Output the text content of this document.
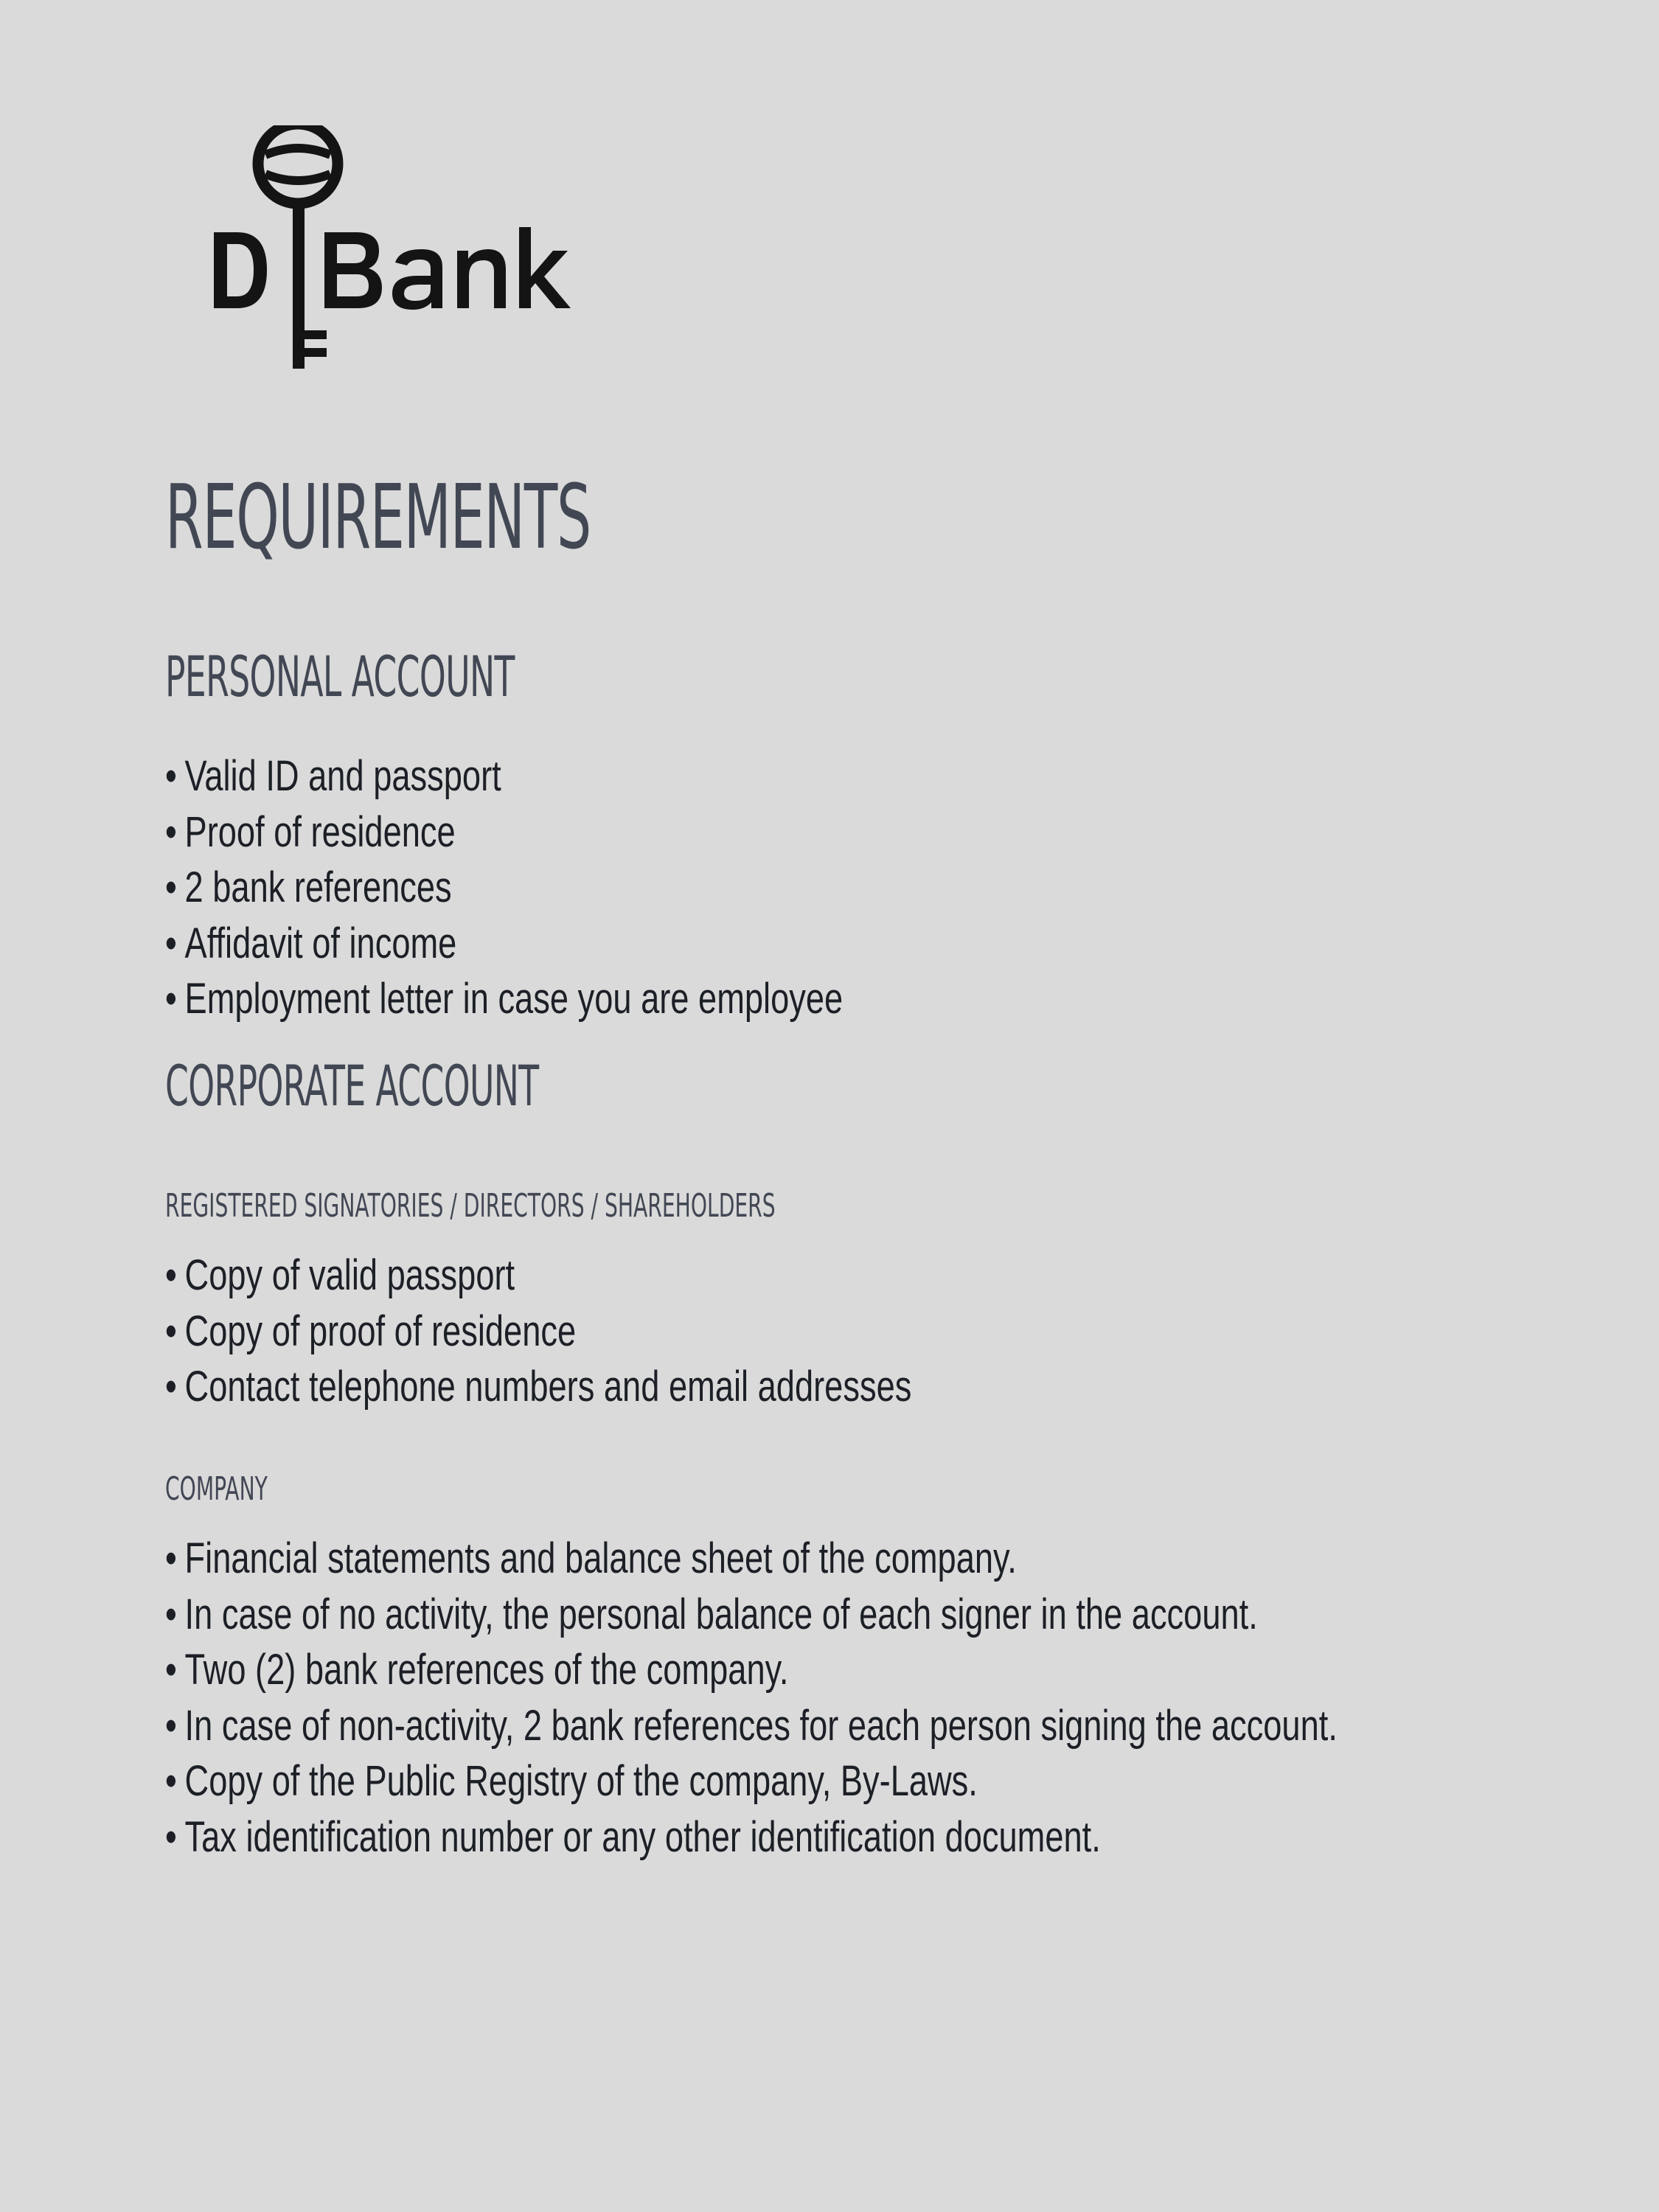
REQUIREMENTS
PERSONAL ACCOUNT
• Valid ID and passport
• Proof of residence
• 2 bank references
• Affidavit of income
• Employment letter in case you are employee
CORPORATE ACCOUNT
REGISTERED SIGNATORIES / DIRECTORS / SHAREHOLDERS
• Copy of valid passport
• Copy of proof of residence
• Contact telephone numbers and email addresses
COMPANY
• Financial statements and balance sheet of the company.
• In case of no activity, the personal balance of each signer in the account.
• Two (2) bank references of the company.
• In case of non-activity, 2 bank references for each person signing the account.
• Copy of the Public Registry of the company, By-Laws.
• Tax identification number or any other identification document.
